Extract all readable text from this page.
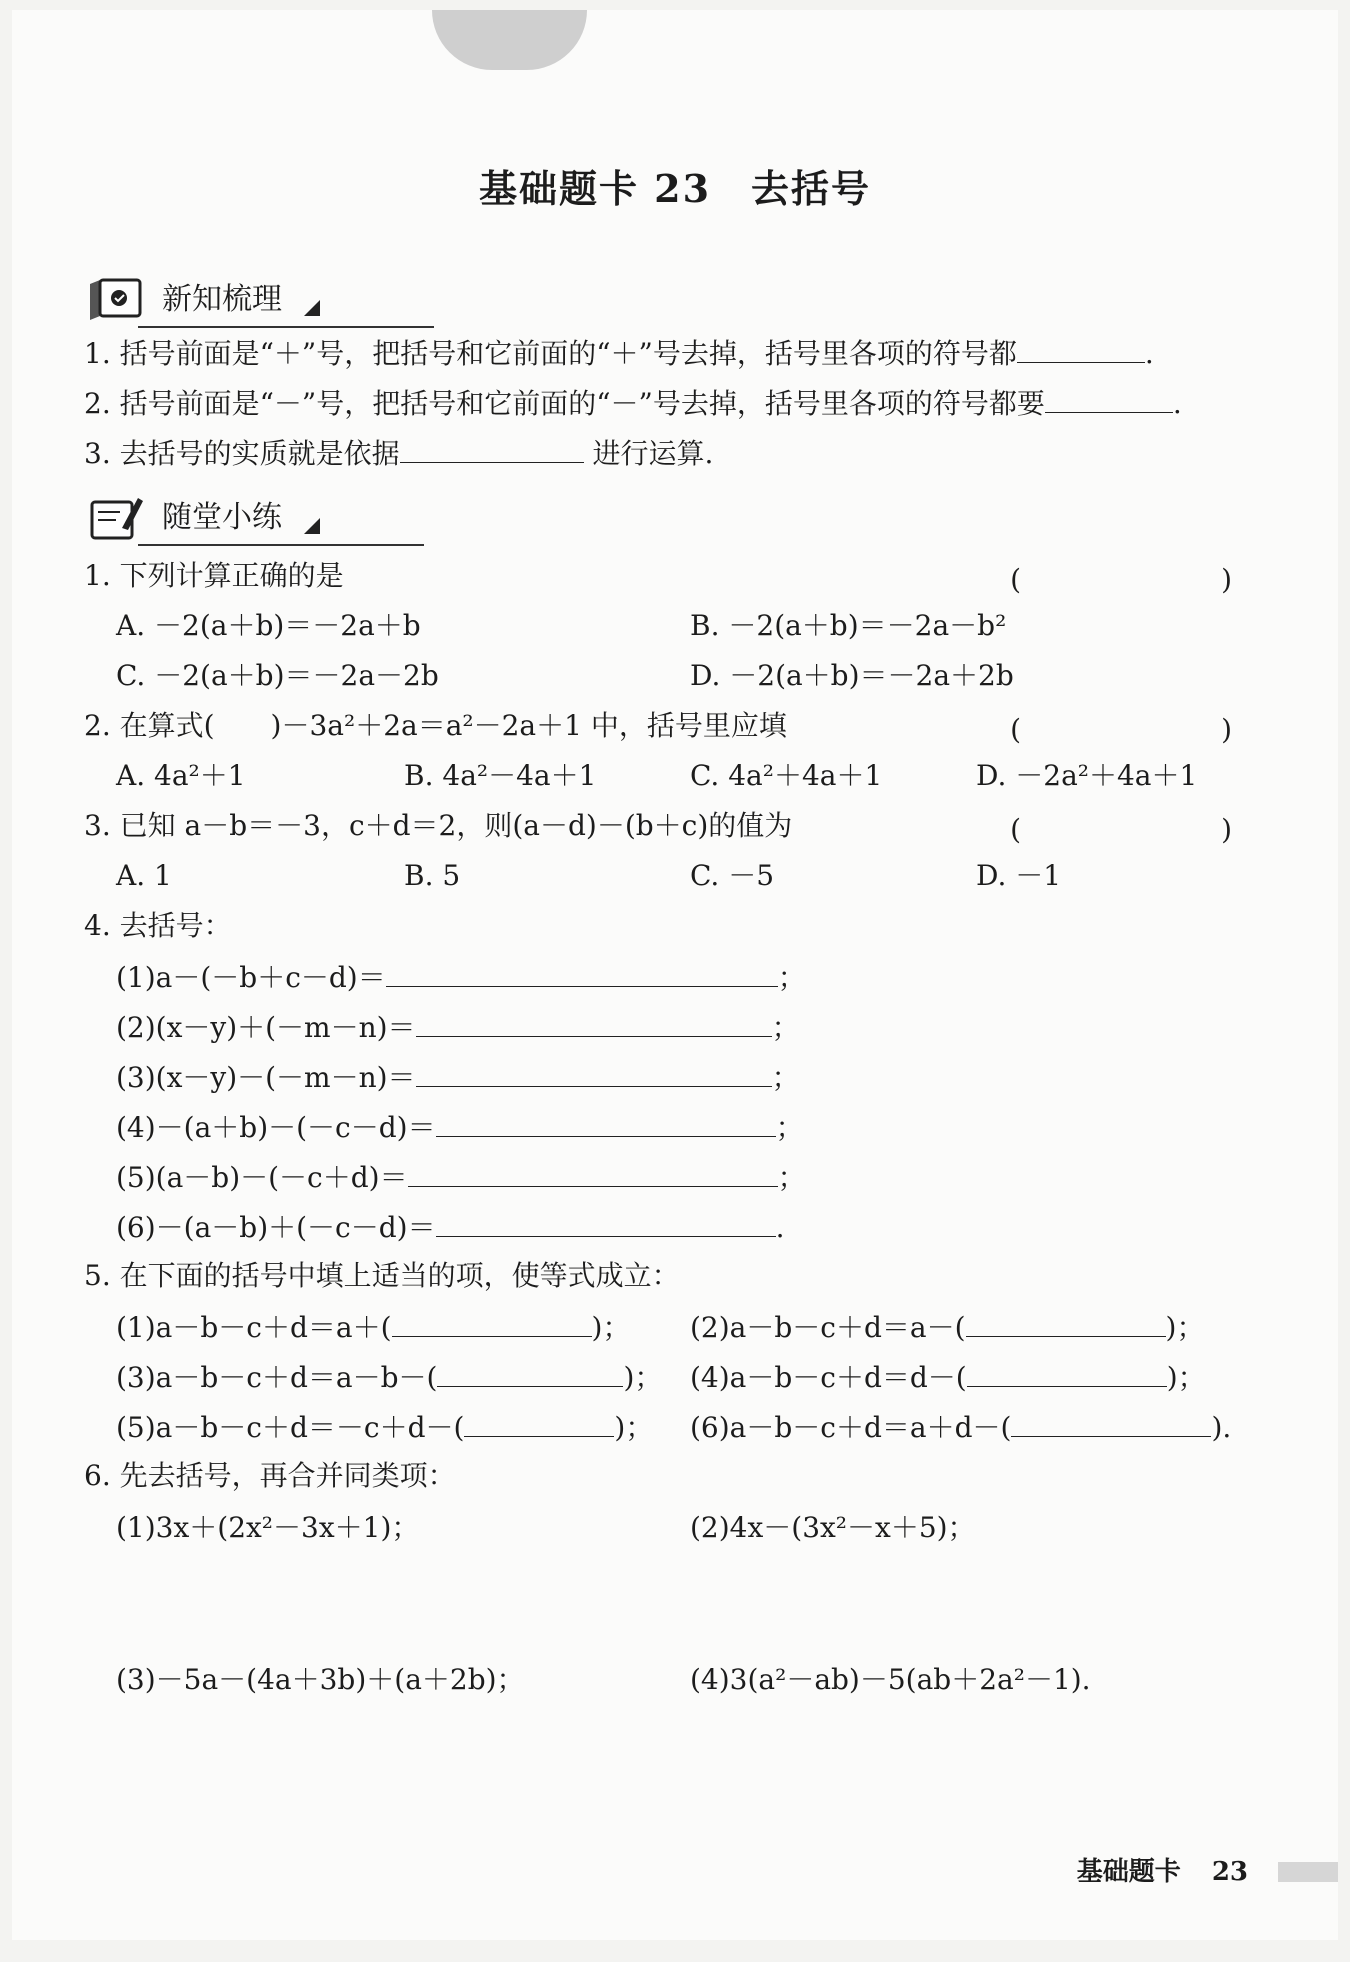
基础题卡 23　去括号
新知梳理
1. 括号前面是“＋”号，把括号和它前面的“＋”号去掉，括号里各项的符号都	.
2. 括号前面是“－”号，把括号和它前面的“－”号去掉，括号里各项的符号都要	.
3. 去括号的实质就是依据	进行运算.
随堂小练
1. 下列计算正确的是	(　　)
A. －2(a＋b)＝－2a＋b	B. －2(a＋b)＝－2a－b²
C. －2(a＋b)＝－2a－2b	D. －2(a＋b)＝－2a＋2b
2. 在算式(　　)－3a²＋2a＝a²－2a＋1 中，括号里应填	(　　)
A. 4a²＋1	B. 4a²－4a＋1	C. 4a²＋4a＋1	D. －2a²＋4a＋1
3. 已知 a－b＝－3，c＋d＝2，则(a－d)－(b＋c)的值为	(　　)
A. 1	B. 5	C. －5	D. －1
4. 去括号：
(1)a－(－b＋c－d)＝	；
(2)(x－y)＋(－m－n)＝	；
(3)(x－y)－(－m－n)＝	；
(4)－(a＋b)－(－c－d)＝	；
(5)(a－b)－(－c＋d)＝	；
(6)－(a－b)＋(－c－d)＝	.
5. 在下面的括号中填上适当的项，使等式成立：
(1)a－b－c＋d＝a＋(	)； (2)a－b－c＋d＝a－(	)；
(3)a－b－c＋d＝a－b－(	)； (4)a－b－c＋d＝d－(	)；
(5)a－b－c＋d＝－c＋d－(	)； (6)a－b－c＋d＝a＋d－(	).
6. 先去括号，再合并同类项：
(1)3x＋(2x²－3x＋1)；	(2)4x－(3x²－x＋5)；
(3)－5a－(4a＋3b)＋(a＋2b)；	(4)3(a²－ab)－5(ab＋2a²－1).
基础题卡 23
